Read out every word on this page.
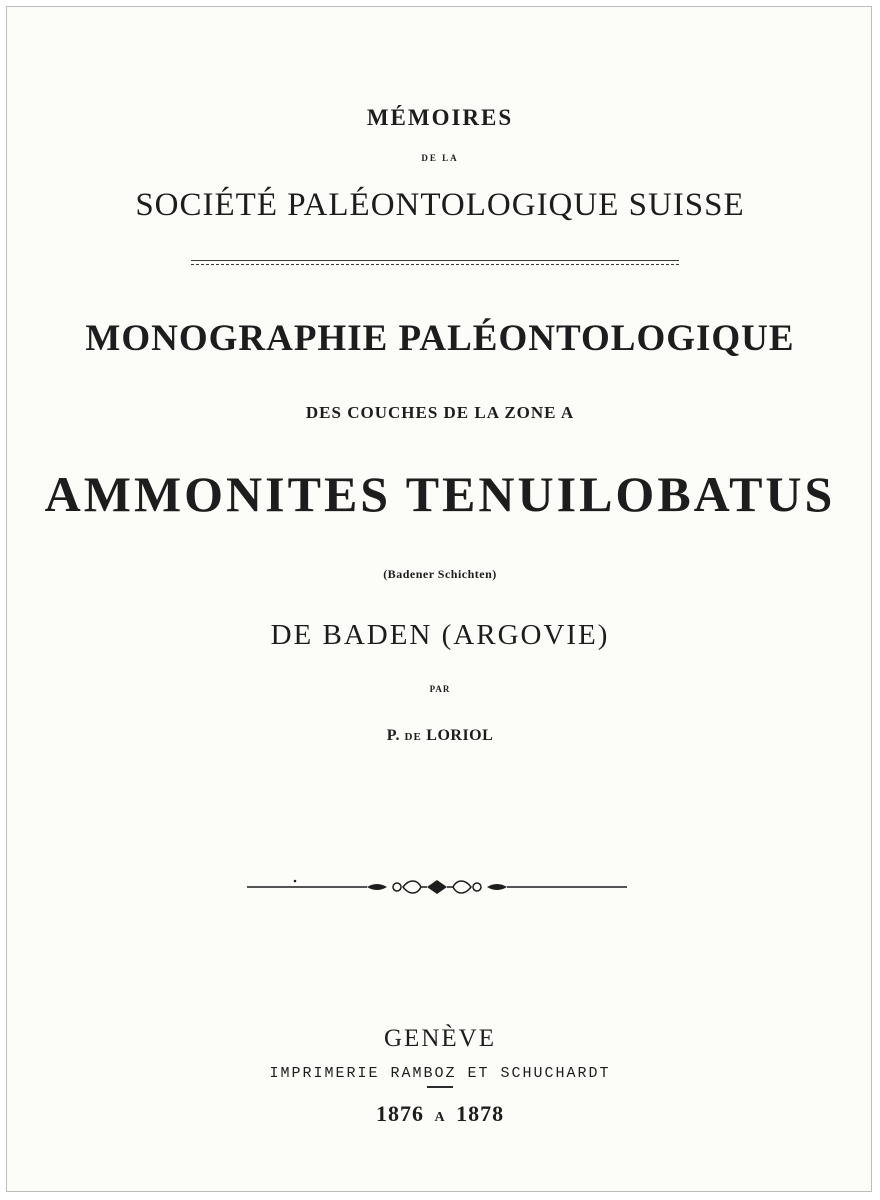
MÉMOIRES
DE LA
SOCIÉTÉ PALÉONTOLOGIQUE SUISSE
MONOGRAPHIE PALÉONTOLOGIQUE
DES COUCHES DE LA ZONE A
AMMONITES TENUILOBATUS
(Badener Schichten)
DE BADEN (ARGOVIE)
PAR
P. DE LORIOL
GENÈVE
IMPRIMERIE RAMBOZ ET SCHUCHARDT
1876 A 1878
